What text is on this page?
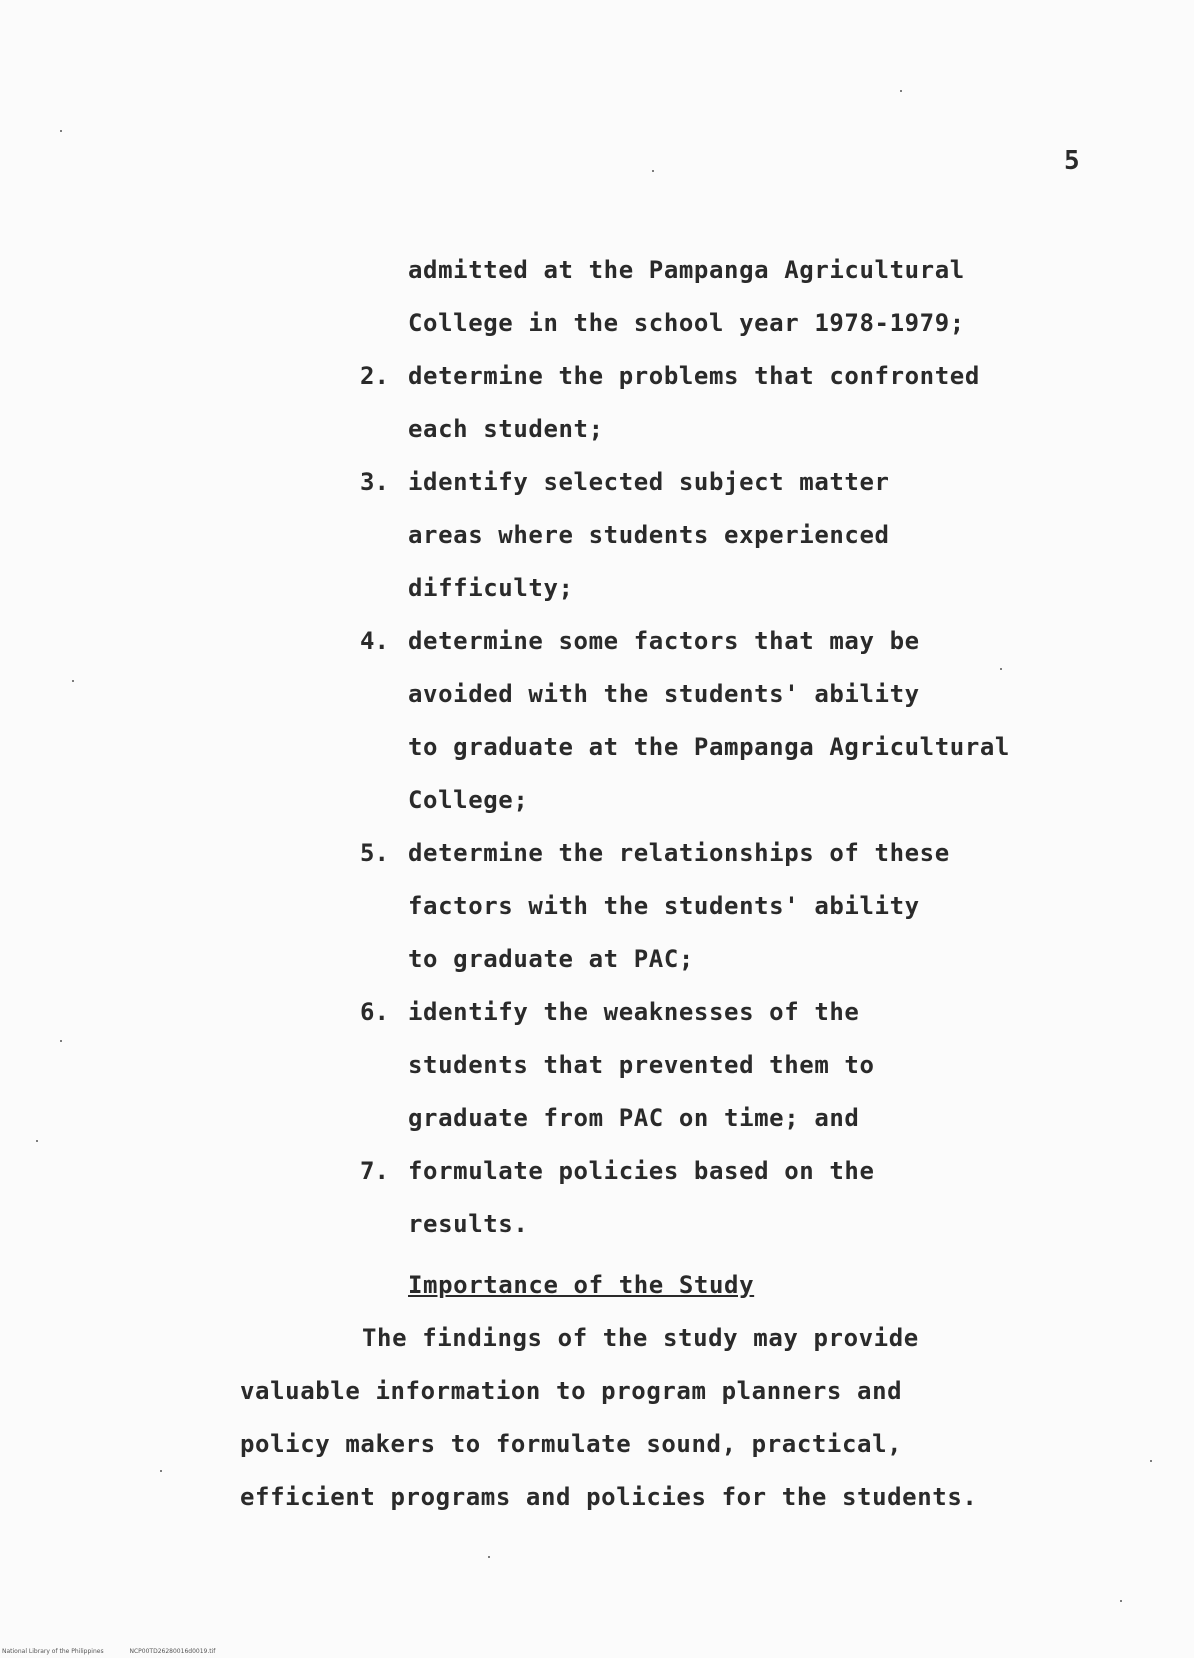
5
admitted at the Pampanga Agricultural
College in the school year 1978-1979;
2. determine the problems that confronted
each student;
3. identify selected subject matter
areas where students experienced
difficulty;
4. determine some factors that may be
avoided with the students' ability
to graduate at the Pampanga Agricultural
College;
5. determine the relationships of these
factors with the students' ability
to graduate at PAC;
6. identify the weaknesses of the
students that prevented them to
graduate from PAC on time; and
7. formulate policies based on the
results.
Importance of the Study
The findings of the study may provide
valuable information to program planners and
policy makers to formulate sound, practical,
efficient programs and policies for the students.
National Library of the Philippines	NCP00TD26280016d0019.tif
